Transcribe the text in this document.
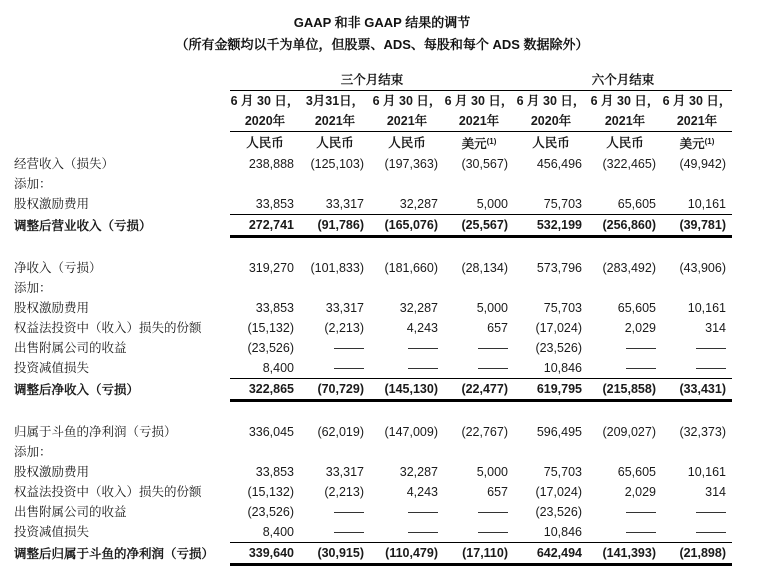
GAAP 和非 GAAP 结果的调节
（所有金额均以千为单位，但股票、ADS、每股和每个 ADS 数据除外）
	三个月结束				六个月结束		
	6 月 30 日，	3月31日，	6 月 30 日，	6 月 30 日，	6 月 30 日，	6 月 30 日，	6 月 30 日，
	2020年	2021年	2021年	2021年	2020年	2021年	2021年
	人民币	人民币	人民币	美元$^{(1)}$	人民币	人民币	美元$^{(1)}$
经营收入（损失）	238,888	(125,103)	(197,363)	(30,567)	456,496	(322,465)	(49,942)
添加：							
股权激励费用	33,853	33,317	32,287	5,000	75,703	65,605	10,161
调整后营业收入（亏损）	272,741	(91,786)	(165,076)	(25,567)	532,199	(256,860)	(39,781)

净收入（亏损）	319,270	(101,833)	(181,660)	(28,134)	573,796	(283,492)	(43,906)
添加：							
股权激励费用	33,853	33,317	32,287	5,000	75,703	65,605	10,161
权益法投资中（收入）损失的份额	(15,132)	(2,213)	4,243	657	(17,024)	2,029	314
出售附属公司的收益	(23,526)				(23,526)		
投资减值损失	8,400				10,846		
调整后净收入（亏损）	322,865	(70,729)	(145,130)	(22,477)	619,795	(215,858)	(33,431)

归属于斗鱼的净利润（亏损）	336,045	(62,019)	(147,009)	(22,767)	596,495	(209,027)	(32,373)
添加：							
股权激励费用	33,853	33,317	32,287	5,000	75,703	65,605	10,161
权益法投资中（收入）损失的份额	(15,132)	(2,213)	4,243	657	(17,024)	2,029	314
出售附属公司的收益	(23,526)				(23,526)		
投资减值损失	8,400				10,846		
调整后归属于斗鱼的净利润（亏损）	339,640	(30,915)	(110,479)	(17,110)	642,494	(141,393)	(21,898)
